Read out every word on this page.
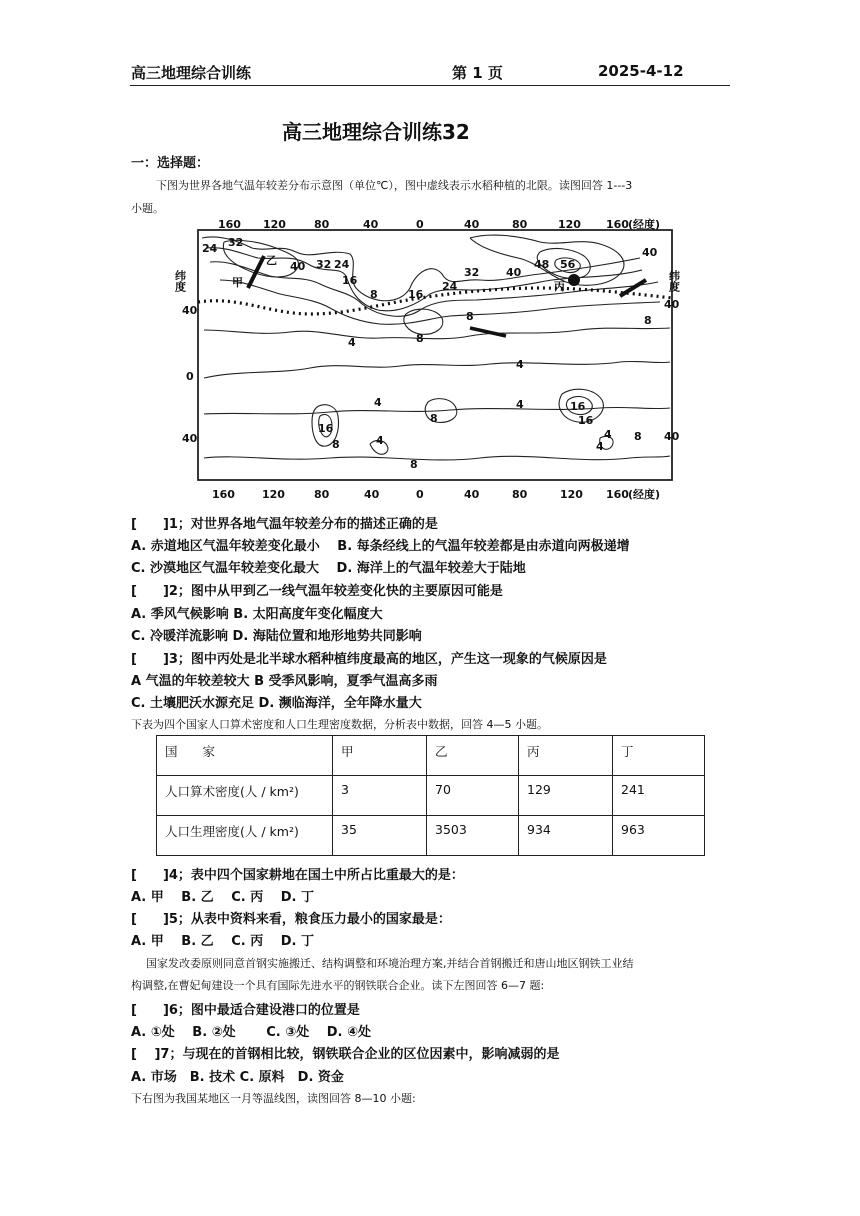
高三地理综合训练	第 1 页	2025-4-12
高三地理综合训练32
一：选择题：
下图为世界各地气温年较差分布示意图（单位℃），图中虚线表示水稻种植的北限。读图回答 1---3
小题。
160 120	80	40	0	40	80	120 160 (经度)
160 120	80	40	0	40	80	120 160 (经度)
纬度
40
0
40
纬度
40
40
24 32
乙 40 32 24
16
8
甲
16
24
32 40
48 56
丙
40
8
4
4
4	4
4	4
8
16
8
16
8
4 8
8
8
16
[　　]1；对世界各地气温年较差分布的描述正确的是
A. 赤道地区气温年较差变化最小　 B. 每条经线上的气温年较差都是由赤道向两极递增
C. 沙漠地区气温年较差变化最大　 D. 海洋上的气温年较差大于陆地
[　　]2；图中从甲到乙一线气温年较差变化快的主要原因可能是
A. 季风气候影响 B. 太阳高度年变化幅度大
C. 冷暖洋流影响 D. 海陆位置和地形地势共同影响
[　　]3；图中丙处是北半球水稻种植纬度最高的地区，产生这一现象的气候原因是
A 气温的年较差较大 B 受季风影响，夏季气温高多雨
C. 土壤肥沃水源充足 D. 濒临海洋，全年降水量大
下表为四个国家人口算术密度和人口生理密度数据，分析表中数据，回答 4—5 小题。
国　　家	甲	乙	丙	丁
人口算术密度(人 / km²)	3	70	129	241
人口生理密度(人 / km²)	35	3503	934	963
[　　]4；表中四个国家耕地在国土中所占比重最大的是：
A. 甲　 B. 乙　 C. 丙　 D. 丁
[　　]5；从表中资料来看，粮食压力最小的国家最是：
A. 甲　 B. 乙　 C. 丙　 D. 丁
国家发改委原则同意首钢实施搬迁、结构调整和环境治理方案,并结合首钢搬迁和唐山地区钢铁工业结
构调整,在曹妃甸建设一个具有国际先进水平的钢铁联合企业。读下左图回答 6—7 题:
[　　]6；图中最适合建设港口的位置是
A. ①处　 B. ②处　　 C. ③处　 D. ④处
[　 ]7；与现在的首钢相比较，钢铁联合企业的区位因素中，影响减弱的是
A. 市场　B. 技术 C. 原料　D. 资金
下右图为我国某地区一月等温线图，读图回答 8—10 小题:
